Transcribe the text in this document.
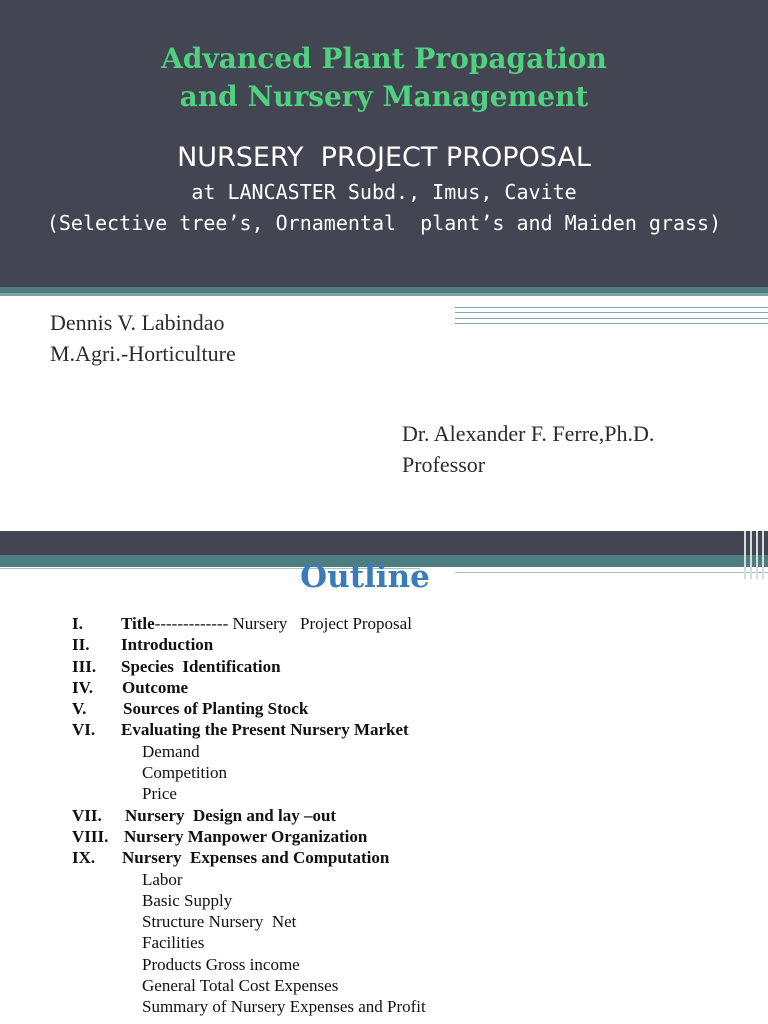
Advanced Plant Propagation
and Nursery Management
NURSERY  PROJECT PROPOSAL
at LANCASTER Subd., Imus, Cavite
(Selective tree’s, Ornamental  plant’s and Maiden grass)
Dennis V. Labindao
M.Agri.-Horticulture
Dr. Alexander F. Ferre,Ph.D.
Professor
Outline
I. Title------------- Nursery   Project Proposal
II. Introduction
III. Species  Identification
IV. Outcome
V. Sources of Planting Stock
VI. Evaluating the Present Nursery Market
Demand
Competition
Price
VII. Nursery  Design and lay –out
VIII. Nursery Manpower Organization
IX. Nursery  Expenses and Computation
Labor
Basic Supply
Structure Nursery  Net
Facilities
Products Gross income
General Total Cost Expenses
Summary of Nursery Expenses and Profit
